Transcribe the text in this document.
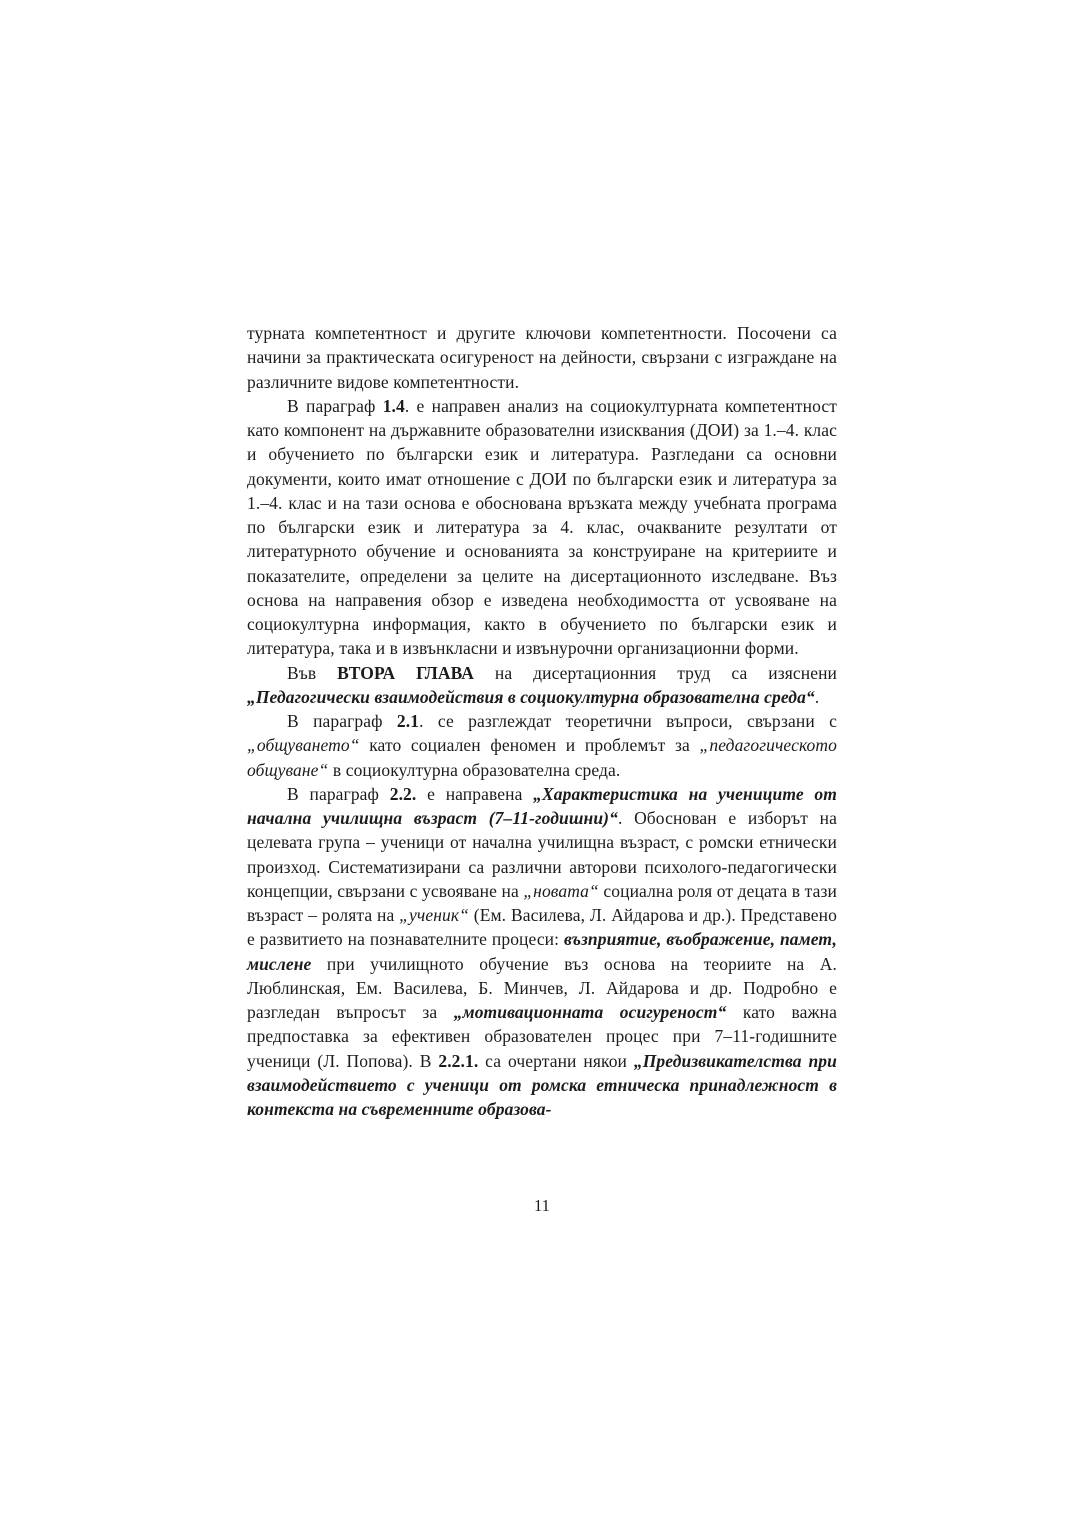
турната компетентност и другите ключови компетентности. Посочени са начини за практическата осигуреност на дейности, свързани с изграждане на различните видове компетентности.

В параграф 1.4. е направен анализ на социокултурната компетентност като компонент на държавните образователни изисквания (ДОИ) за 1.–4. клас и обучението по български език и литература. Разгледани са основни документи, които имат отношение с ДОИ по български език и литература за 1.–4. клас и на тази основа е обоснована връзката между учебната програма по български език и литература за 4. клас, очакваните резултати от литературното обучение и основанията за конструиране на критериите и показателите, определени за целите на дисертационното изследване. Въз основа на направения обзор е изведена необходимостта от усвояване на социокултурна информация, както в обучението по български език и литература, така и в извънкласни и извънурочни организационни форми.

Във ВТОРА ГЛАВА на дисертационния труд са изяснени „Педагогически взаимодействия в социокултурна образователна среда“.

В параграф 2.1. се разглеждат теоретични въпроси, свързани с „общуването“ като социален феномен и проблемът за „педагогическото общуване“ в социокултурна образователна среда.

В параграф 2.2. е направена „Характеристика на учениците от начална училищна възраст (7–11-годишни)“. Обоснован е изборът на целевата група – ученици от начална училищна възраст, с ромски етнически произход. Систематизирани са различни авторови психолого-педагогически концепции, свързани с усвояване на „новата“ социална роля от децата в тази възраст – ролята на „ученик“ (Ем. Василева, Л. Айдарова и др.). Представено е развитието на познавателните процеси: възприятие, въображение, памет, мислене при училищното обучение въз основа на теориите на А. Люблинская, Ем. Василева, Б. Минчев, Л. Айдарова и др. Подробно е разгледан въпросът за „мотивационната осигуреност“ като важна предпоставка за ефективен образователен процес при 7–11-годишните ученици (Л. Попова). В 2.2.1. са очертани някои „Предизвикателства при взаимодействието с ученици от ромска етническа принадлежност в контекста на съвременните образова-

11
